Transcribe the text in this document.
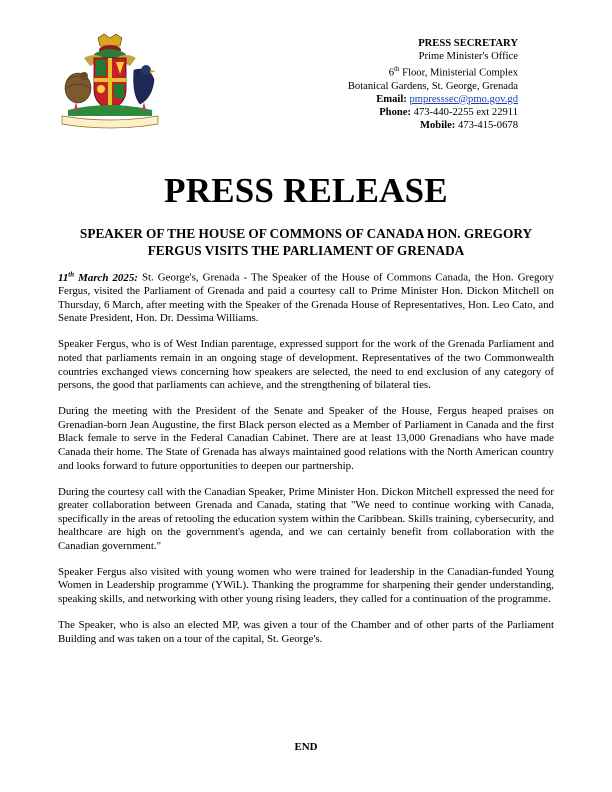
PRESS SECRETARY
Prime Minister's Office
6th Floor, Ministerial Complex
Botanical Gardens, St. George, Grenada
Email: pmpresssec@pmo.gov.gd
Phone: 473-440-2255 ext 22911
Mobile: 473-415-0678
PRESS RELEASE
SPEAKER OF THE HOUSE OF COMMONS OF CANADA HON. GREGORY FERGUS VISITS THE PARLIAMENT OF GRENADA

11th March 2025: St. George's, Grenada - The Speaker of the House of Commons Canada, the Hon. Gregory Fergus, visited the Parliament of Grenada and paid a courtesy call to Prime Minister Hon. Dickon Mitchell on Thursday, 6 March, after meeting with the Speaker of the Grenada House of Representatives, Hon. Leo Cato, and Senate President, Hon. Dr. Dessima Williams.

Speaker Fergus, who is of West Indian parentage, expressed support for the work of the Grenada Parliament and noted that parliaments remain in an ongoing stage of development. Representatives of the two Commonwealth countries exchanged views concerning how speakers are selected, the need to end exclusion of any category of persons, the good that parliaments can achieve, and the strengthening of bilateral ties.

During the meeting with the President of the Senate and Speaker of the House, Fergus heaped praises on Grenadian-born Jean Augustine, the first Black person elected as a Member of Parliament in Canada and the first Black female to serve in the Federal Canadian Cabinet. There are at least 13,000 Grenadians who have made Canada their home. The State of Grenada has always maintained good relations with the North American country and looks forward to future opportunities to deepen our partnership.

During the courtesy call with the Canadian Speaker, Prime Minister Hon. Dickon Mitchell expressed the need for greater collaboration between Grenada and Canada, stating that "We need to continue working with Canada, specifically in the areas of retooling the education system within the Caribbean. Skills training, cybersecurity, and healthcare are high on the government's agenda, and we can certainly benefit from collaboration with the Canadian government."

Speaker Fergus also visited with young women who were trained for leadership in the Canadian-funded Young Women in Leadership programme (YWiL). Thanking the programme for sharpening their gender understanding, speaking skills, and networking with other young rising leaders, they called for a continuation of the programme.

The Speaker, who is also an elected MP, was given a tour of the Chamber and of other parts of the Parliament Building and was taken on a tour of the capital, St. George's.

END
